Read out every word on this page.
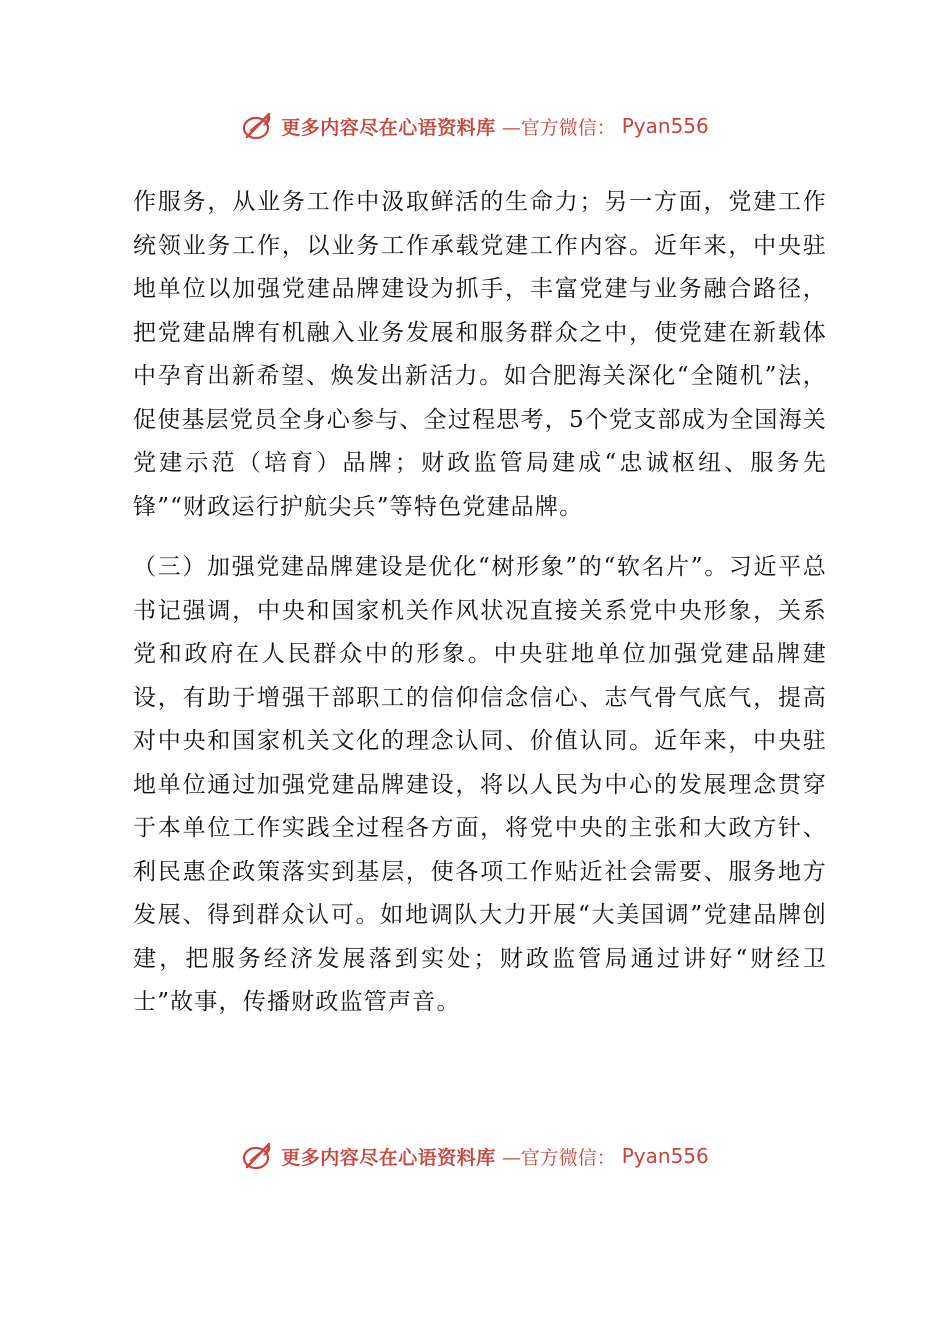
更多内容尽在心语资料库 —官方微信： Pyan556

作服务，从业务工作中汲取鲜活的生命力；另一方面，党建工作统领业务工作，以业务工作承载党建工作内容。近年来，中央驻地单位以加强党建品牌建设为抓手，丰富党建与业务融合路径，把党建品牌有机融入业务发展和服务群众之中，使党建在新载体中孕育出新希望、焕发出新活力。如合肥海关深化“全随机”法，促使基层党员全身心参与、全过程思考，5个党支部成为全国海关党建示范（培育）品牌；财政监管局建成“忠诚枢纽、服务先锋”“财政运行护航尖兵”等特色党建品牌。

（三）加强党建品牌建设是优化“树形象”的“软名片”。习近平总书记强调，中央和国家机关作风状况直接关系党中央形象，关系党和政府在人民群众中的形象。中央驻地单位加强党建品牌建设，有助于增强干部职工的信仰信念信心、志气骨气底气，提高对中央和国家机关文化的理念认同、价值认同。近年来，中央驻地单位通过加强党建品牌建设，将以人民为中心的发展理念贯穿于本单位工作实践全过程各方面，将党中央的主张和大政方针、利民惠企政策落实到基层，使各项工作贴近社会需要、服务地方发展、得到群众认可。如地调队大力开展“大美国调”党建品牌创建，把服务经济发展落到实处；财政监管局通过讲好“财经卫士”故事，传播财政监管声音。

更多内容尽在心语资料库 —官方微信： Pyan556
